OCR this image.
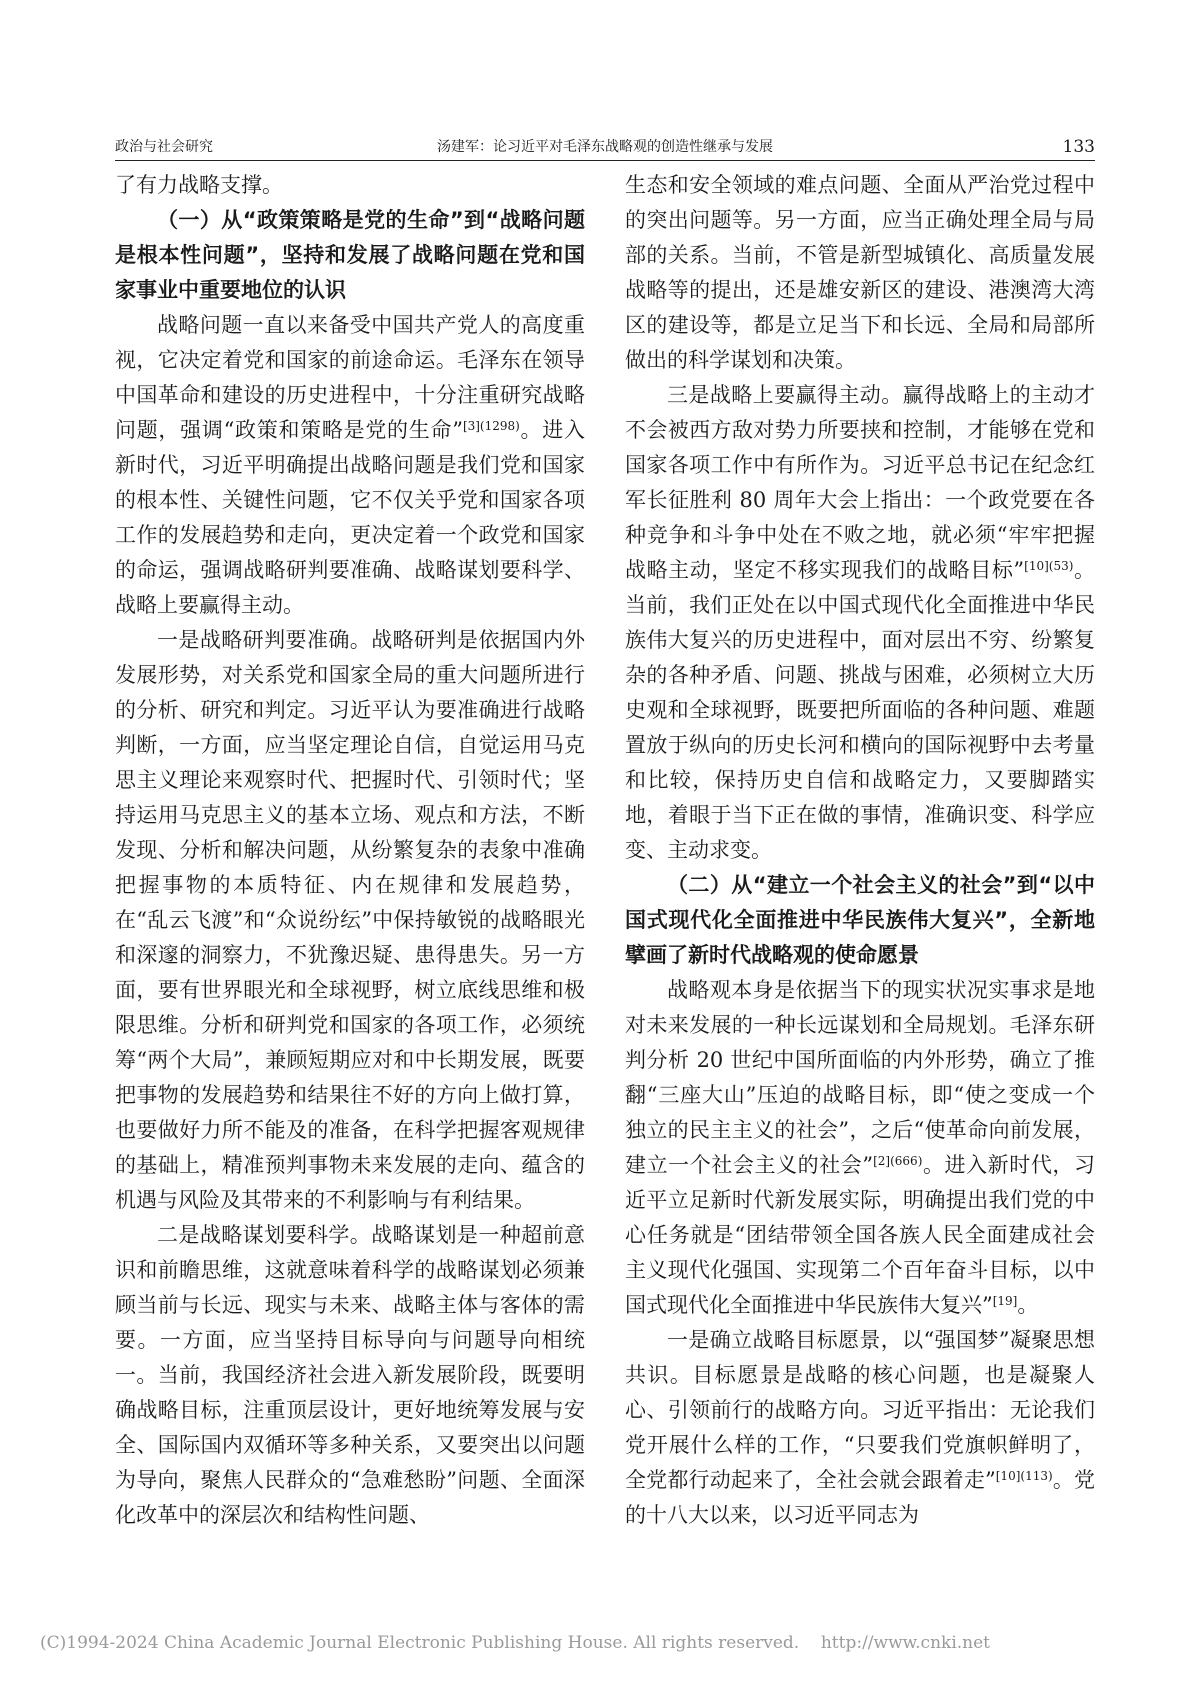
政治与社会研究	汤建军：论习近平对毛泽东战略观的创造性继承与发展	133

了有力战略支撑。

（一）从“政策策略是党的生命”到“战略问题是根本性问题”，坚持和发展了战略问题在党和国家事业中重要地位的认识

战略问题一直以来备受中国共产党人的高度重视，它决定着党和国家的前途命运。毛泽东在领导中国革命和建设的历史进程中，十分注重研究战略问题，强调“政策和策略是党的生命”$^{[3](1298)}$。进入新时代，习近平明确提出战略问题是我们党和国家的根本性、关键性问题，它不仅关乎党和国家各项工作的发展趋势和走向，更决定着一个政党和国家的命运，强调战略研判要准确、战略谋划要科学、战略上要赢得主动。

一是战略研判要准确。战略研判是依据国内外发展形势，对关系党和国家全局的重大问题所进行的分析、研究和判定。习近平认为要准确进行战略判断，一方面，应当坚定理论自信，自觉运用马克思主义理论来观察时代、把握时代、引领时代；坚持运用马克思主义的基本立场、观点和方法，不断发现、分析和解决问题，从纷繁复杂的表象中准确把握事物的本质特征、内在规律和发展趋势，在“乱云飞渡”和“众说纷纭”中保持敏锐的战略眼光和深邃的洞察力，不犹豫迟疑、患得患失。另一方面，要有世界眼光和全球视野，树立底线思维和极限思维。分析和研判党和国家的各项工作，必须统筹“两个大局”，兼顾短期应对和中长期发展，既要把事物的发展趋势和结果往不好的方向上做打算，也要做好力所不能及的准备，在科学把握客观规律的基础上，精准预判事物未来发展的走向、蕴含的机遇与风险及其带来的不利影响与有利结果。

二是战略谋划要科学。战略谋划是一种超前意识和前瞻思维，这就意味着科学的战略谋划必须兼顾当前与长远、现实与未来、战略主体与客体的需要。一方面，应当坚持目标导向与问题导向相统一。当前，我国经济社会进入新发展阶段，既要明确战略目标，注重顶层设计，更好地统筹发展与安全、国际国内双循环等多种关系，又要突出以问题为导向，聚焦人民群众的“急难愁盼”问题、全面深化改革中的深层次和结构性问题、

生态和安全领域的难点问题、全面从严治党过程中的突出问题等。另一方面，应当正确处理全局与局部的关系。当前，不管是新型城镇化、高质量发展战略等的提出，还是雄安新区的建设、港澳湾大湾区的建设等，都是立足当下和长远、全局和局部所做出的科学谋划和决策。

三是战略上要赢得主动。赢得战略上的主动才不会被西方敌对势力所要挟和控制，才能够在党和国家各项工作中有所作为。习近平总书记在纪念红军长征胜利 80 周年大会上指出：一个政党要在各种竞争和斗争中处在不败之地，就必须“牢牢把握战略主动，坚定不移实现我们的战略目标”$^{[10](53)}$。当前，我们正处在以中国式现代化全面推进中华民族伟大复兴的历史进程中，面对层出不穷、纷繁复杂的各种矛盾、问题、挑战与困难，必须树立大历史观和全球视野，既要把所面临的各种问题、难题置放于纵向的历史长河和横向的国际视野中去考量和比较，保持历史自信和战略定力，又要脚踏实地，着眼于当下正在做的事情，准确识变、科学应变、主动求变。

（二）从“建立一个社会主义的社会”到“以中国式现代化全面推进中华民族伟大复兴”，全新地擘画了新时代战略观的使命愿景

战略观本身是依据当下的现实状况实事求是地对未来发展的一种长远谋划和全局规划。毛泽东研判分析 20 世纪中国所面临的内外形势，确立了推翻“三座大山”压迫的战略目标，即“使之变成一个独立的民主主义的社会”，之后“使革命向前发展，建立一个社会主义的社会”$^{[2](666)}$。进入新时代，习近平立足新时代新发展实际，明确提出我们党的中心任务就是“团结带领全国各族人民全面建成社会主义现代化强国、实现第二个百年奋斗目标，以中国式现代化全面推进中华民族伟大复兴”[19]。

一是确立战略目标愿景，以“强国梦”凝聚思想共识。目标愿景是战略的核心问题，也是凝聚人心、引领前行的战略方向。习近平指出：无论我们党开展什么样的工作，“只要我们党旗帜鲜明了，全党都行动起来了，全社会就会跟着走”$^{[10](113)}$。党的十八大以来，以习近平同志为

(C)1994-2024 China Academic Journal Electronic Publishing House. All rights reserved. http://www.cnki.net
